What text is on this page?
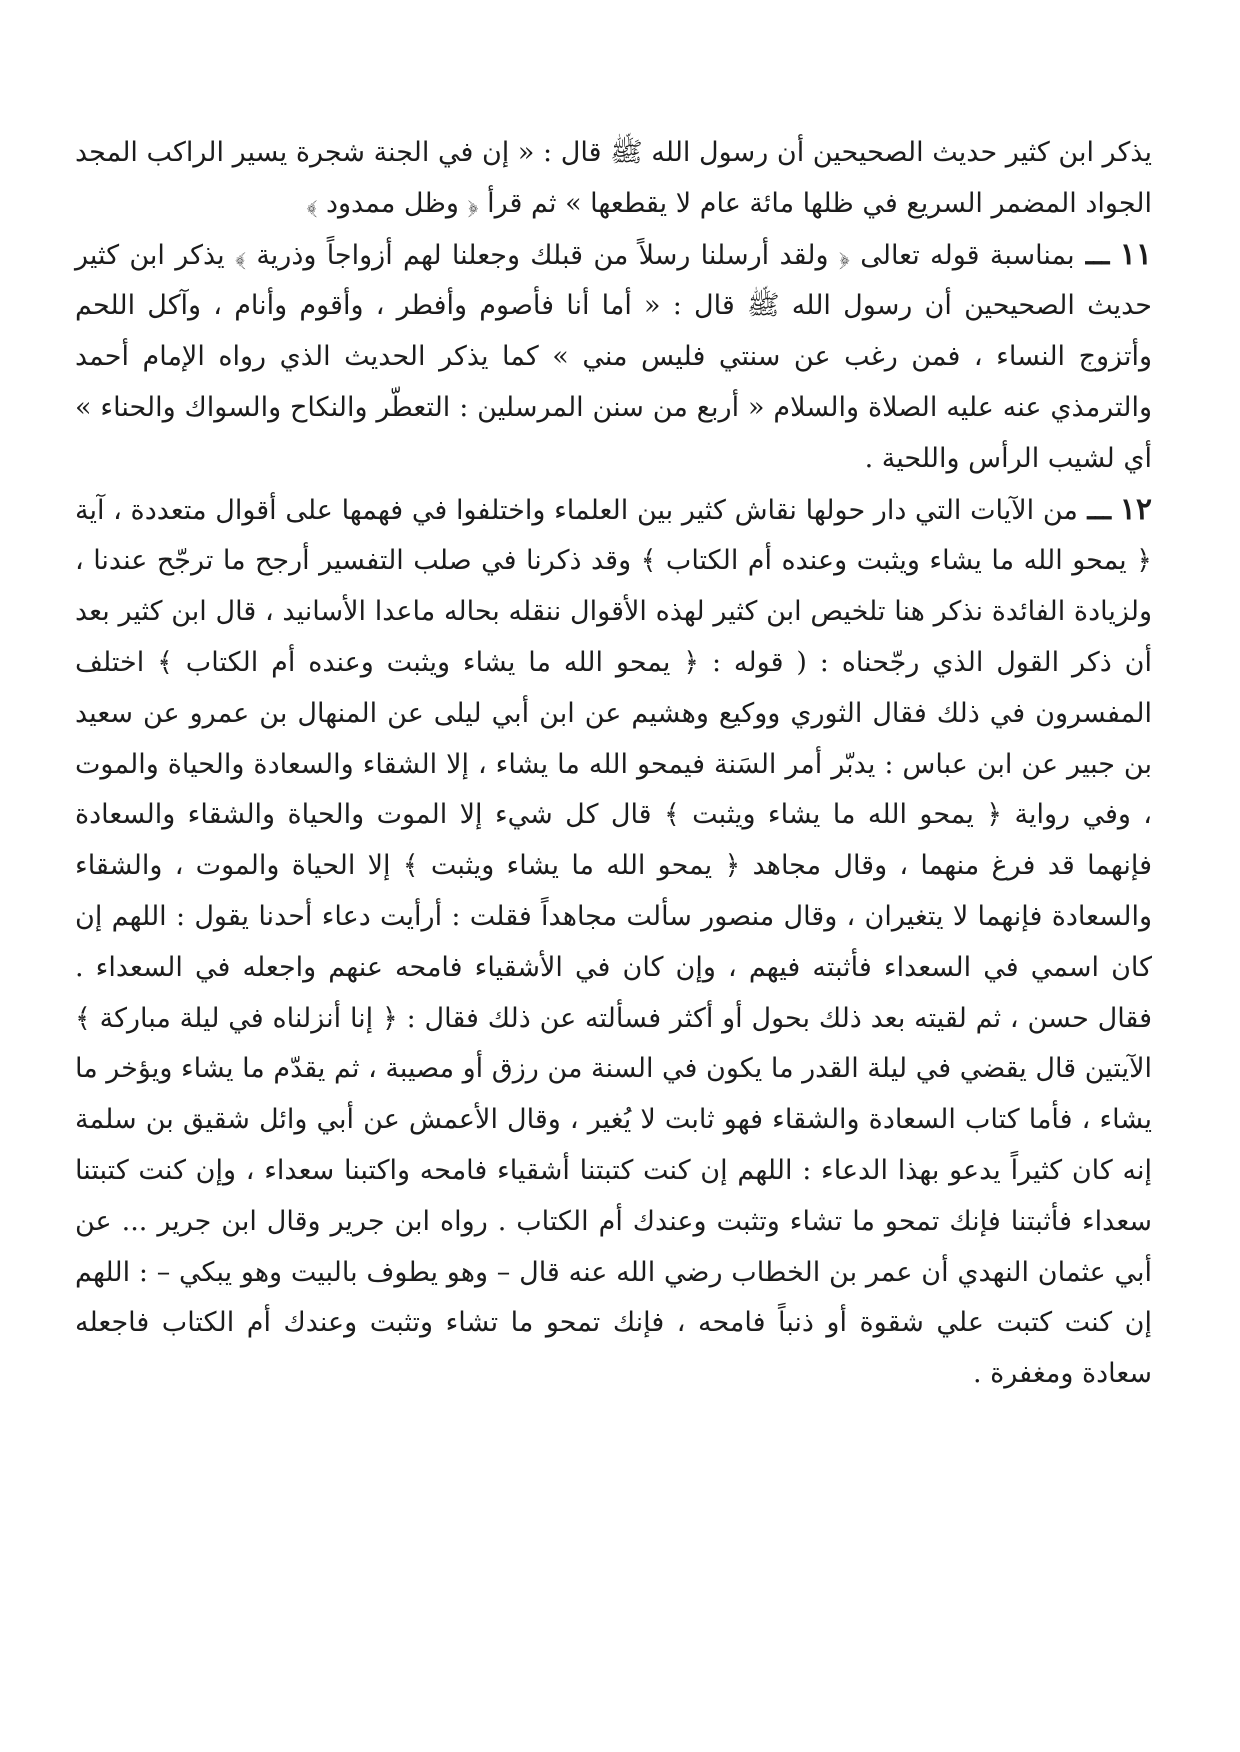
يذكر ابن كثير حديث الصحيحين أن رسول الله ﷺ قال : « إن في الجنة شجرة يسير الراكب المجد الجواد المضمر السريع في ظلها مائة عام لا يقطعها » ثم قرأ ﴿ وظل ممدود ﴾

١١ ـــ بمناسبة قوله تعالى ﴿ ولقد أرسلنا رسلاً من قبلك وجعلنا لهم أزواجاً وذرية ﴾ يذكر ابن كثير حديث الصحيحين أن رسول الله ﷺ قال : « أما أنا فأصوم وأفطر ، وأقوم وأنام ، وآكل اللحم وأتزوج النساء ، فمن رغب عن سنتي فليس مني » كما يذكر الحديث الذي رواه الإمام أحمد والترمذي عنه عليه الصلاة والسلام « أربع من سنن المرسلين : التعطّر والنكاح والسواك والحناء » أي لشيب الرأس واللحية .

١٢ ـــ من الآيات التي دار حولها نقاش كثير بين العلماء واختلفوا في فهمها على أقوال متعددة ، آية ﴿ يمحو الله ما يشاء ويثبت وعنده أم الكتاب ﴾ وقد ذكرنا في صلب التفسير أرجح ما ترجّح عندنا ، ولزيادة الفائدة نذكر هنا تلخيص ابن كثير لهذه الأقوال ننقله بحاله ماعدا الأسانيد ، قال ابن كثير بعد أن ذكر القول الذي رجّحناه : ( قوله : ﴿ يمحو الله ما يشاء ويثبت وعنده أم الكتاب ﴾ اختلف المفسرون في ذلك فقال الثوري ووكيع وهشيم عن ابن أبي ليلى عن المنهال بن عمرو عن سعيد بن جبير عن ابن عباس : يدبّر أمر السَنة فيمحو الله ما يشاء ، إلا الشقاء والسعادة والحياة والموت ، وفي رواية ﴿ يمحو الله ما يشاء ويثبت ﴾ قال كل شيء إلا الموت والحياة والشقاء والسعادة فإنهما قد فرغ منهما ، وقال مجاهد ﴿ يمحو الله ما يشاء ويثبت ﴾ إلا الحياة والموت ، والشقاء والسعادة فإنهما لا يتغيران ، وقال منصور سألت مجاهداً فقلت : أرأيت دعاء أحدنا يقول : اللهم إن كان اسمي في السعداء فأثبته فيهم ، وإن كان في الأشقياء فامحه عنهم واجعله في السعداء . فقال حسن ، ثم لقيته بعد ذلك بحول أو أكثر فسألته عن ذلك فقال : ﴿ إنا أنزلناه في ليلة مباركة ﴾ الآيتين قال يقضي في ليلة القدر ما يكون في السنة من رزق أو مصيبة ، ثم يقدّم ما يشاء ويؤخر ما يشاء ، فأما كتاب السعادة والشقاء فهو ثابت لا يُغير ، وقال الأعمش عن أبي وائل شقيق بن سلمة إنه كان كثيراً يدعو بهذا الدعاء : اللهم إن كنت كتبتنا أشقياء فامحه واكتبنا سعداء ، وإن كنت كتبتنا سعداء فأثبتنا فإنك تمحو ما تشاء وتثبت وعندك أم الكتاب . رواه ابن جرير وقال ابن جرير ... عن أبي عثمان النهدي أن عمر بن الخطاب رضي الله عنه قال – وهو يطوف بالبيت وهو يبكي – : اللهم إن كنت كتبت علي شقوة أو ذنباً فامحه ، فإنك تمحو ما تشاء وتثبت وعندك أم الكتاب فاجعله سعادة ومغفرة .
